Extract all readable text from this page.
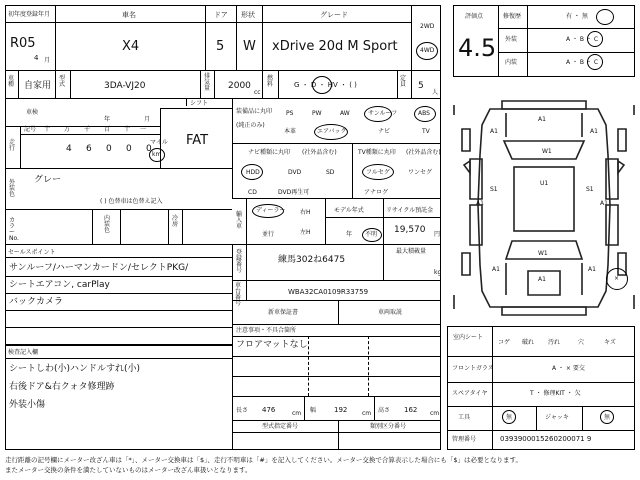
初年度登録年月
R05
4 月
車名
X4
ドア
5
形状
W
グレード
xDrive 20d M Sport
2WD
4WD
車種 自家用
型式	3DA-VJ20
排気量 2000
cc
燃料	G ・ D ・ HV ・ ( )
定員 5
人
評価点
4.5
修復歴	有 ・ 無
外装	A ・ B ・ C
内装	A ・ B ・ C
シフト
FAT
車検
年	月
記号 十 万 千 百 十 一
走行	4 6 0 0 0
マイル
km
装備品に丸印
(純正のみ)
PS	PW	AW	サンルーフ	ABS
本革	エアバック	ナビ	TV
ナビ種類に丸印 (社外品含む)
HDD	DVD	SD
CD	DVD再生可
TV種類に丸印 (社外品含む)
フルセグ	ワンセグ
アナログ
外装色
グレー
( ) 色替車は色替え記入
カラー No.
内装色
冷房
輸入車
ディーラー
並行
右H
左H
モデル年式
年 不明
リサイクル預託金
19,570 円
最大積載量
kg
セールスポイント
サンルーフ/ハーマンカードン/セレクトPKG/
シートエアコン, carPlay
バックカメラ
登録番号
練馬302ね6475
車台番号
WBA32CA0109R33759
新車保証書	車両取説
注意事項・不具合箇所
フロアマットなし
検査記入欄
シートしわ(小)ハンドルすれ(小)
右後ドア&右クォタ修理跡
外装小傷
長さ 476	cm 幅	192 cm 高さ 162 cm
型式指定番号	類別区分番号
A1	A1
A1
U1
A1	A1
W1
S1
W1
S1
A1
A1
A1
×
室内シート
コゲ 破れ 汚れ	穴	キズ
フロントガラス	A ・ × 要交
スペアタイヤ	T ・ 修理KIT ・ 欠
工具	無	ジャッキ	無
管理番号	0393900015260200071 9
走行距離の記号欄にメーター改ざん車は「*」、メーター交換車は「$」、走行不明車は「#」を記入してください。メーター交換で合算表示した場合にも「$」は必要となります。
またメーター交換の条件を満たしていないものはメーター改ざん車扱いとなります。
